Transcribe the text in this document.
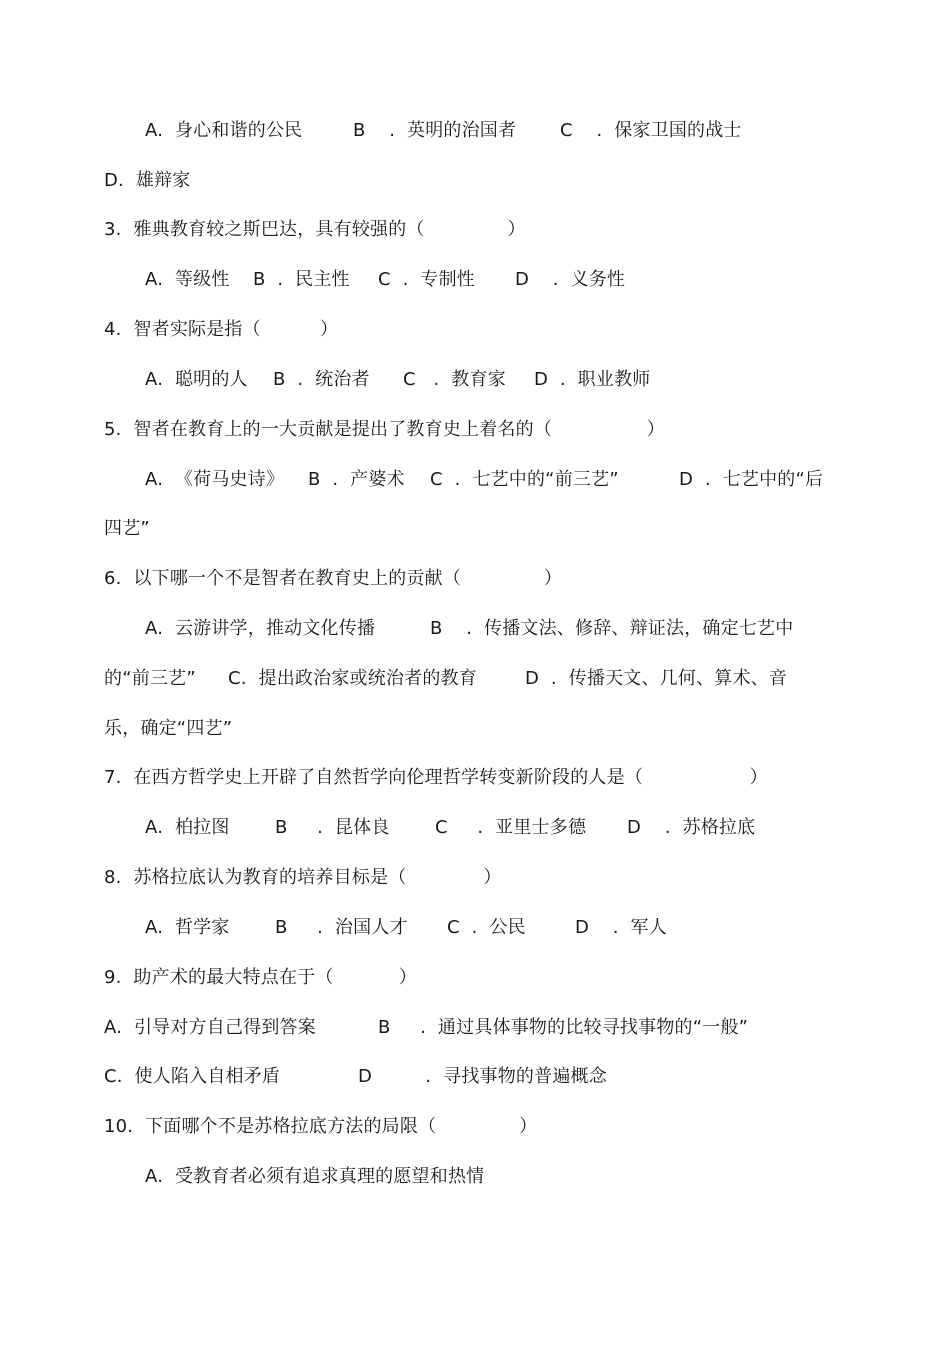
A.  身心和谐的公民

	B    .  英明的治国者

C    .  保家卫国的战士

D.  雄辩家

3.  雅典教育较之斯巴达，具有较强的（              ）

A.  等级性

B  .  民主性

C  .  专制性

D    .  义务性

4.  智者实际是指（          ）

A.  聪明的人

B  .  统治者

C   .  教育家

D  .  职业教师

5.  智者在教育上的一大贡献是提出了教育史上着名的（                ）

A.  《荷马史诗》

B  .  产婆术

C  .  七艺中的“前三艺”

	D  .  七艺中的“后

四艺”

6.  以下哪一个不是智者在教育史上的贡献（              ）

A.  云游讲学，推动文化传播

	B    .  传播文法、修辞、辩证法，确定七艺中

的“前三艺”

C.  提出政治家或统治者的教育

	D  .  传播天文、几何、算术、音

乐，确定“四艺”

7.  在西方哲学史上开辟了自然哲学向伦理哲学转变新阶段的人是（                  ）

A.  柏拉图

	B     .  昆体良

	C     .  亚里士多德

D    .  苏格拉底

8.  苏格拉底认为教育的培养目标是（             ）

A.  哲学家

	B     .  治国人才

C  .  公民

	D    .  军人

9.  助产术的最大特点在于（           ）

A.  引导对方自己得到答案

	B     .  通过具体事物的比较寻找事物的“一般”

C.  使人陷入自相矛盾

	D         .  寻找事物的普遍概念

10.  下面哪个不是苏格拉底方法的局限（              ）

A.  受教育者必须有追求真理的愿望和热情
